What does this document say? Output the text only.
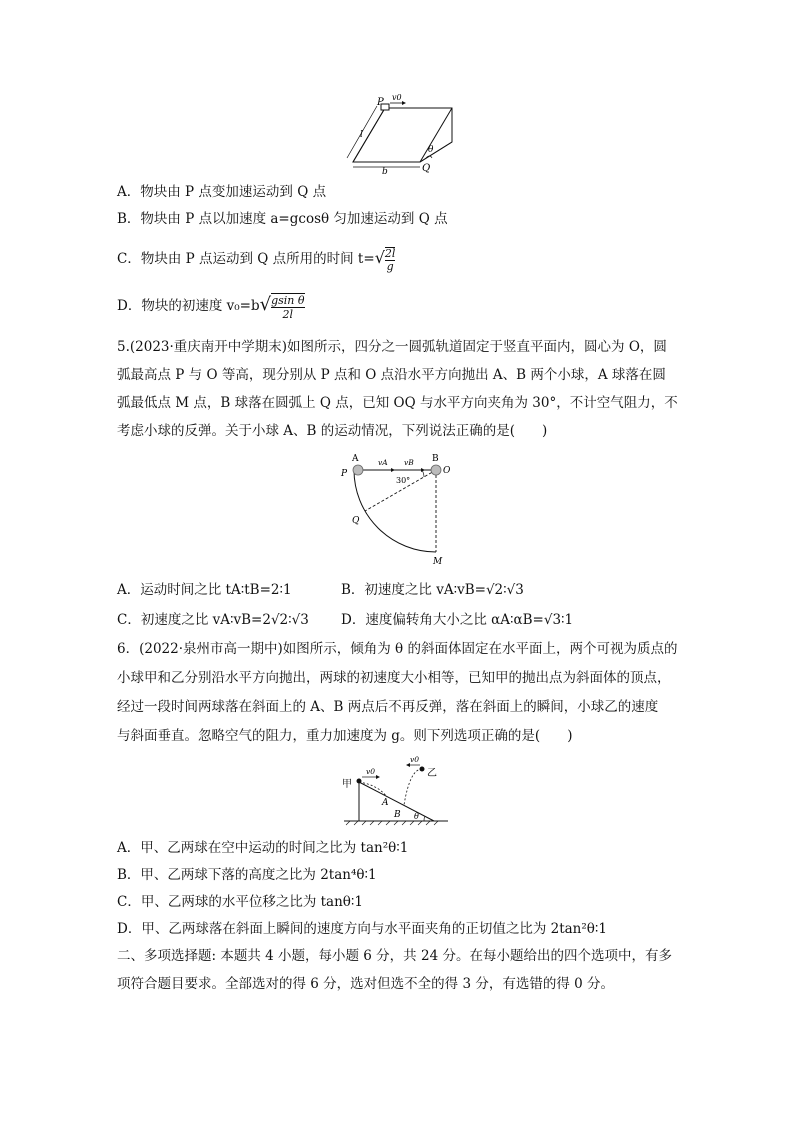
P v0
l
b	Q
θ
A．物块由 P 点变加速运动到 Q 点
B．物块由 P 点以加速度 a=gcosθ 匀加速运动到 Q 点
C．物块由 P 点运动到 Q 点所用的时间 $t=√ \frac{2l}{g}$
D．物块的初速度 $v_0=b√ \frac{\text{gsin θ}}{2l}$
5.(2023·重庆南开中学期末)如图所示，四分之一圆弧轨道固定于竖直平面内，圆心为 O，圆
弧最高点 P 与 O 等高，现分别从 P 点和 O 点沿水平方向抛出 A、B 两个小球，A 球落在圆
弧最低点 M 点，B 球落在圆弧上 Q 点，已知 OQ 与水平方向夹角为 30°，不计空气阻力，不
考虑小球的反弹。关于小球 A、B 的运动情况，下列说法正确的是(　　)
A	B
P	O
vA vB
30°
Q
M
A．运动时间之比 tA∶tB=2∶1	B．初速度之比 vA∶vB=√2∶√3
C．初速度之比 vA∶vB=2√2∶√3 D．速度偏转角大小之比 αA∶αB=√3∶1
6．(2022·泉州市高一期中)如图所示，倾角为 θ 的斜面体固定在水平面上，两个可视为质点的
小球甲和乙分别沿水平方向抛出，两球的初速度大小相等，已知甲的抛出点为斜面体的顶点，
经过一段时间两球落在斜面上的 A、B 两点后不再反弹，落在斜面上的瞬间，小球乙的速度
与斜面垂直。忽略空气的阻力，重力加速度为 g。则下列选项正确的是(　　)
甲
乙
v0
v0
A
B θ
A．甲、乙两球在空中运动的时间之比为 tan²θ∶1
B．甲、乙两球下落的高度之比为 2tan⁴θ∶1
C．甲、乙两球的水平位移之比为 tanθ∶1
D．甲、乙两球落在斜面上瞬间的速度方向与水平面夹角的正切值之比为 2tan²θ∶1
二、多项选择题: 本题共 4 小题，每小题 6 分，共 24 分。在每小题给出的四个选项中，有多
项符合题目要求。全部选对的得 6 分，选对但选不全的得 3 分，有选错的得 0 分。
